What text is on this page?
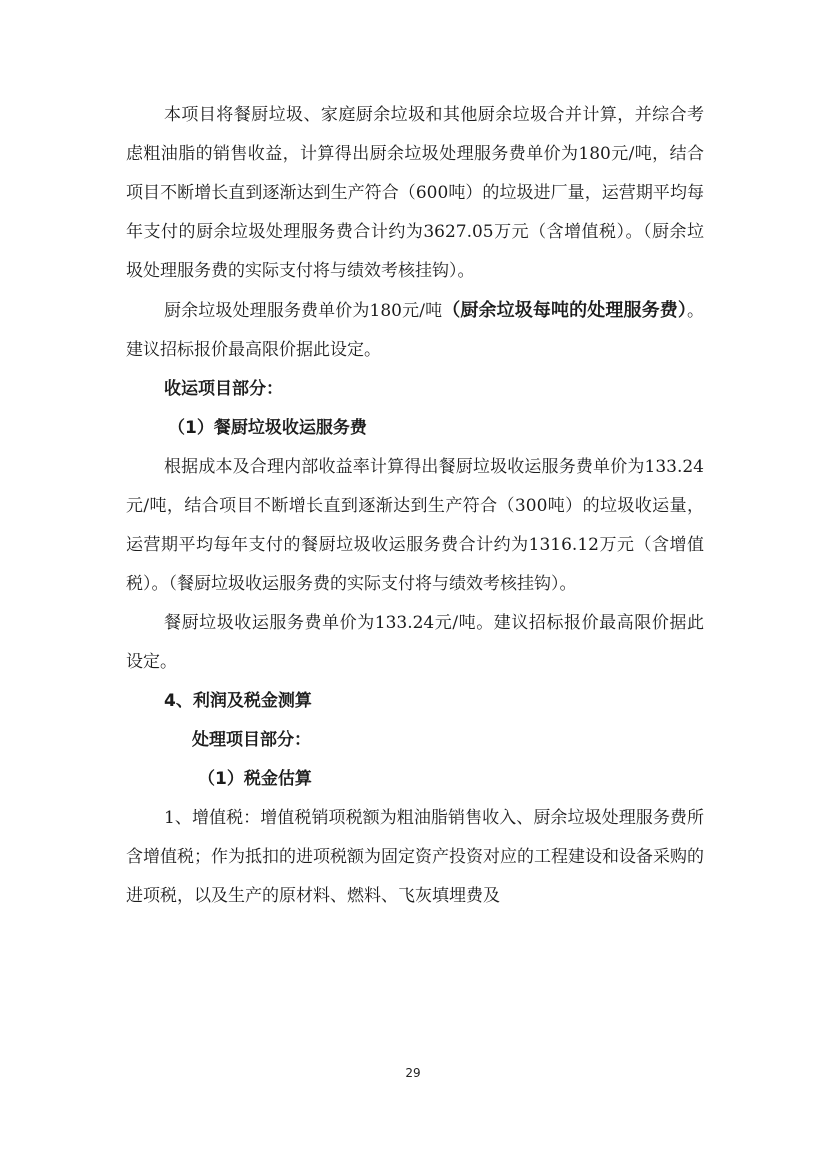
本项目将餐厨垃圾、家庭厨余垃圾和其他厨余垃圾合并计算，并综合考虑粗油脂的销售收益，计算得出厨余垃圾处理服务费单价为180元/吨，结合项目不断增长直到逐渐达到生产符合（600吨）的垃圾进厂量，运营期平均每年支付的厨余垃圾处理服务费合计约为3627.05万元（含增值税）。（厨余垃圾处理服务费的实际支付将与绩效考核挂钩）。

厨余垃圾处理服务费单价为180元/吨（厨余垃圾每吨的处理服务费）。建议招标报价最高限价据此设定。

收运项目部分：

（1）餐厨垃圾收运服务费

根据成本及合理内部收益率计算得出餐厨垃圾收运服务费单价为133.24元/吨，结合项目不断增长直到逐渐达到生产符合（300吨）的垃圾收运量，运营期平均每年支付的餐厨垃圾收运服务费合计约为1316.12万元（含增值税）。（餐厨垃圾收运服务费的实际支付将与绩效考核挂钩）。

餐厨垃圾收运服务费单价为133.24元/吨。建议招标报价最高限价据此设定。

4、利润及税金测算

处理项目部分：

（1）税金估算

1、增值税：增值税销项税额为粗油脂销售收入、厨余垃圾处理服务费所含增值税；作为抵扣的进项税额为固定资产投资对应的工程建设和设备采购的进项税，以及生产的原材料、燃料、飞灰填埋费及

29
